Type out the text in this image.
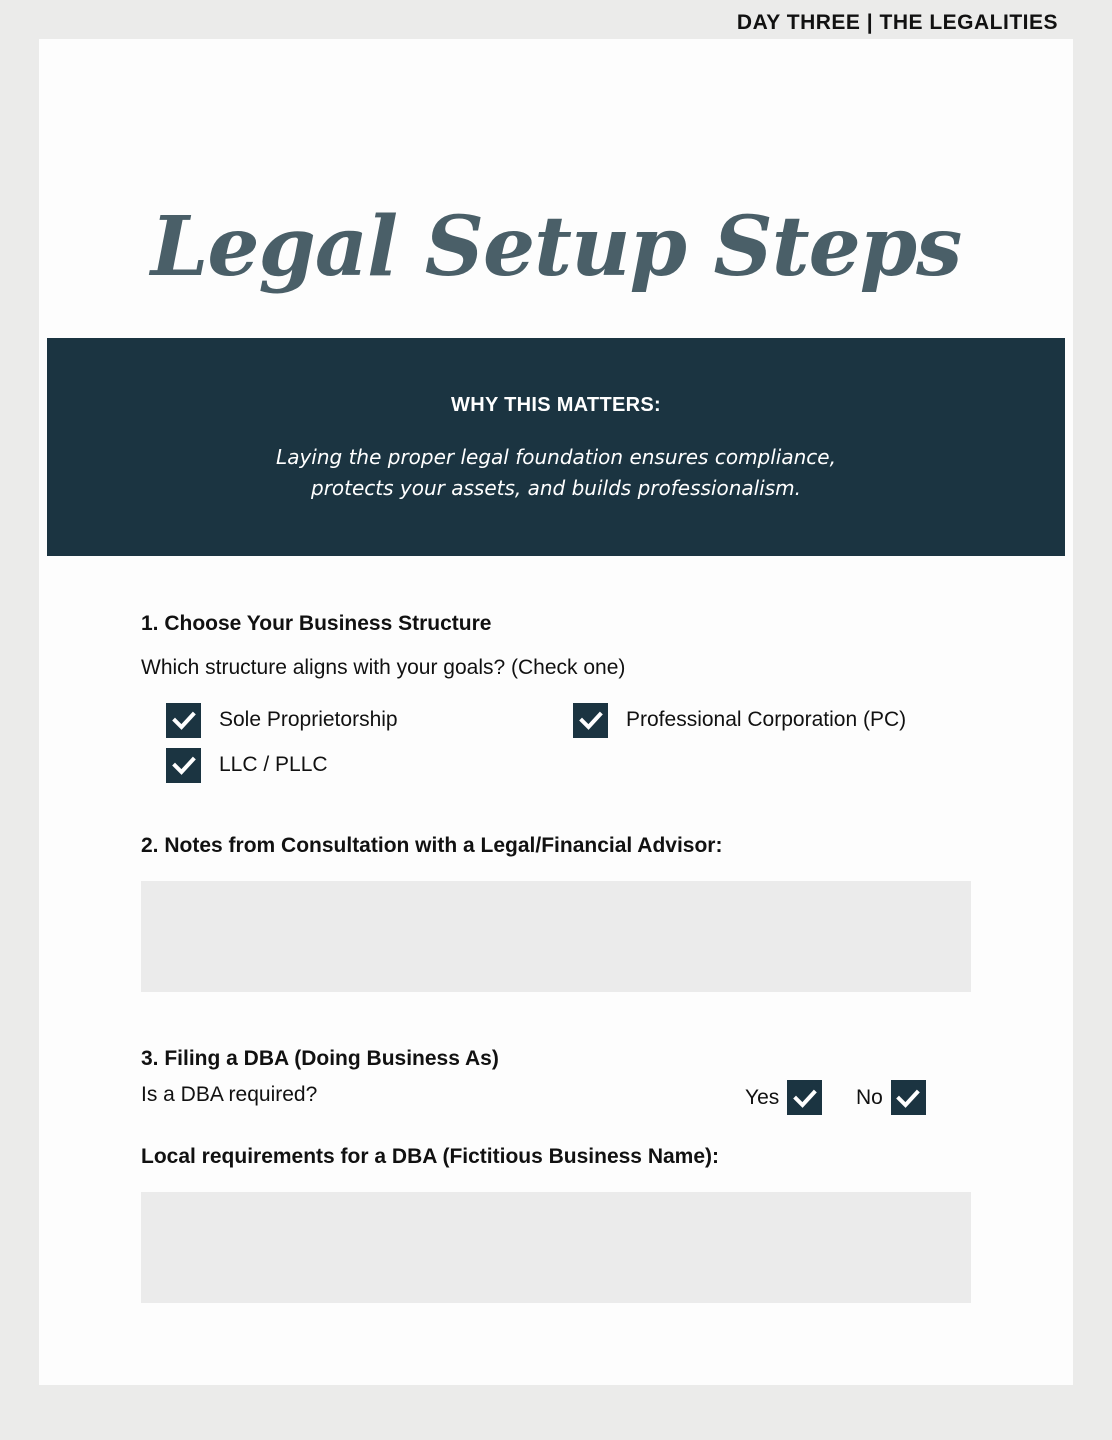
DAY THREE | THE LEGALITIES
Legal Setup Steps
WHY THIS MATTERS:
Laying the proper legal foundation ensures compliance,
protects your assets, and builds professionalism.
1. Choose Your Business Structure
Which structure aligns with your goals? (Check one)
Sole Proprietorship	Professional Corporation (PC)
LLC / PLLC
2. Notes from Consultation with a Legal/Financial Advisor:
3. Filing a DBA (Doing Business As)
Is a DBA required?	Yes	No
Local requirements for a DBA (Fictitious Business Name):
